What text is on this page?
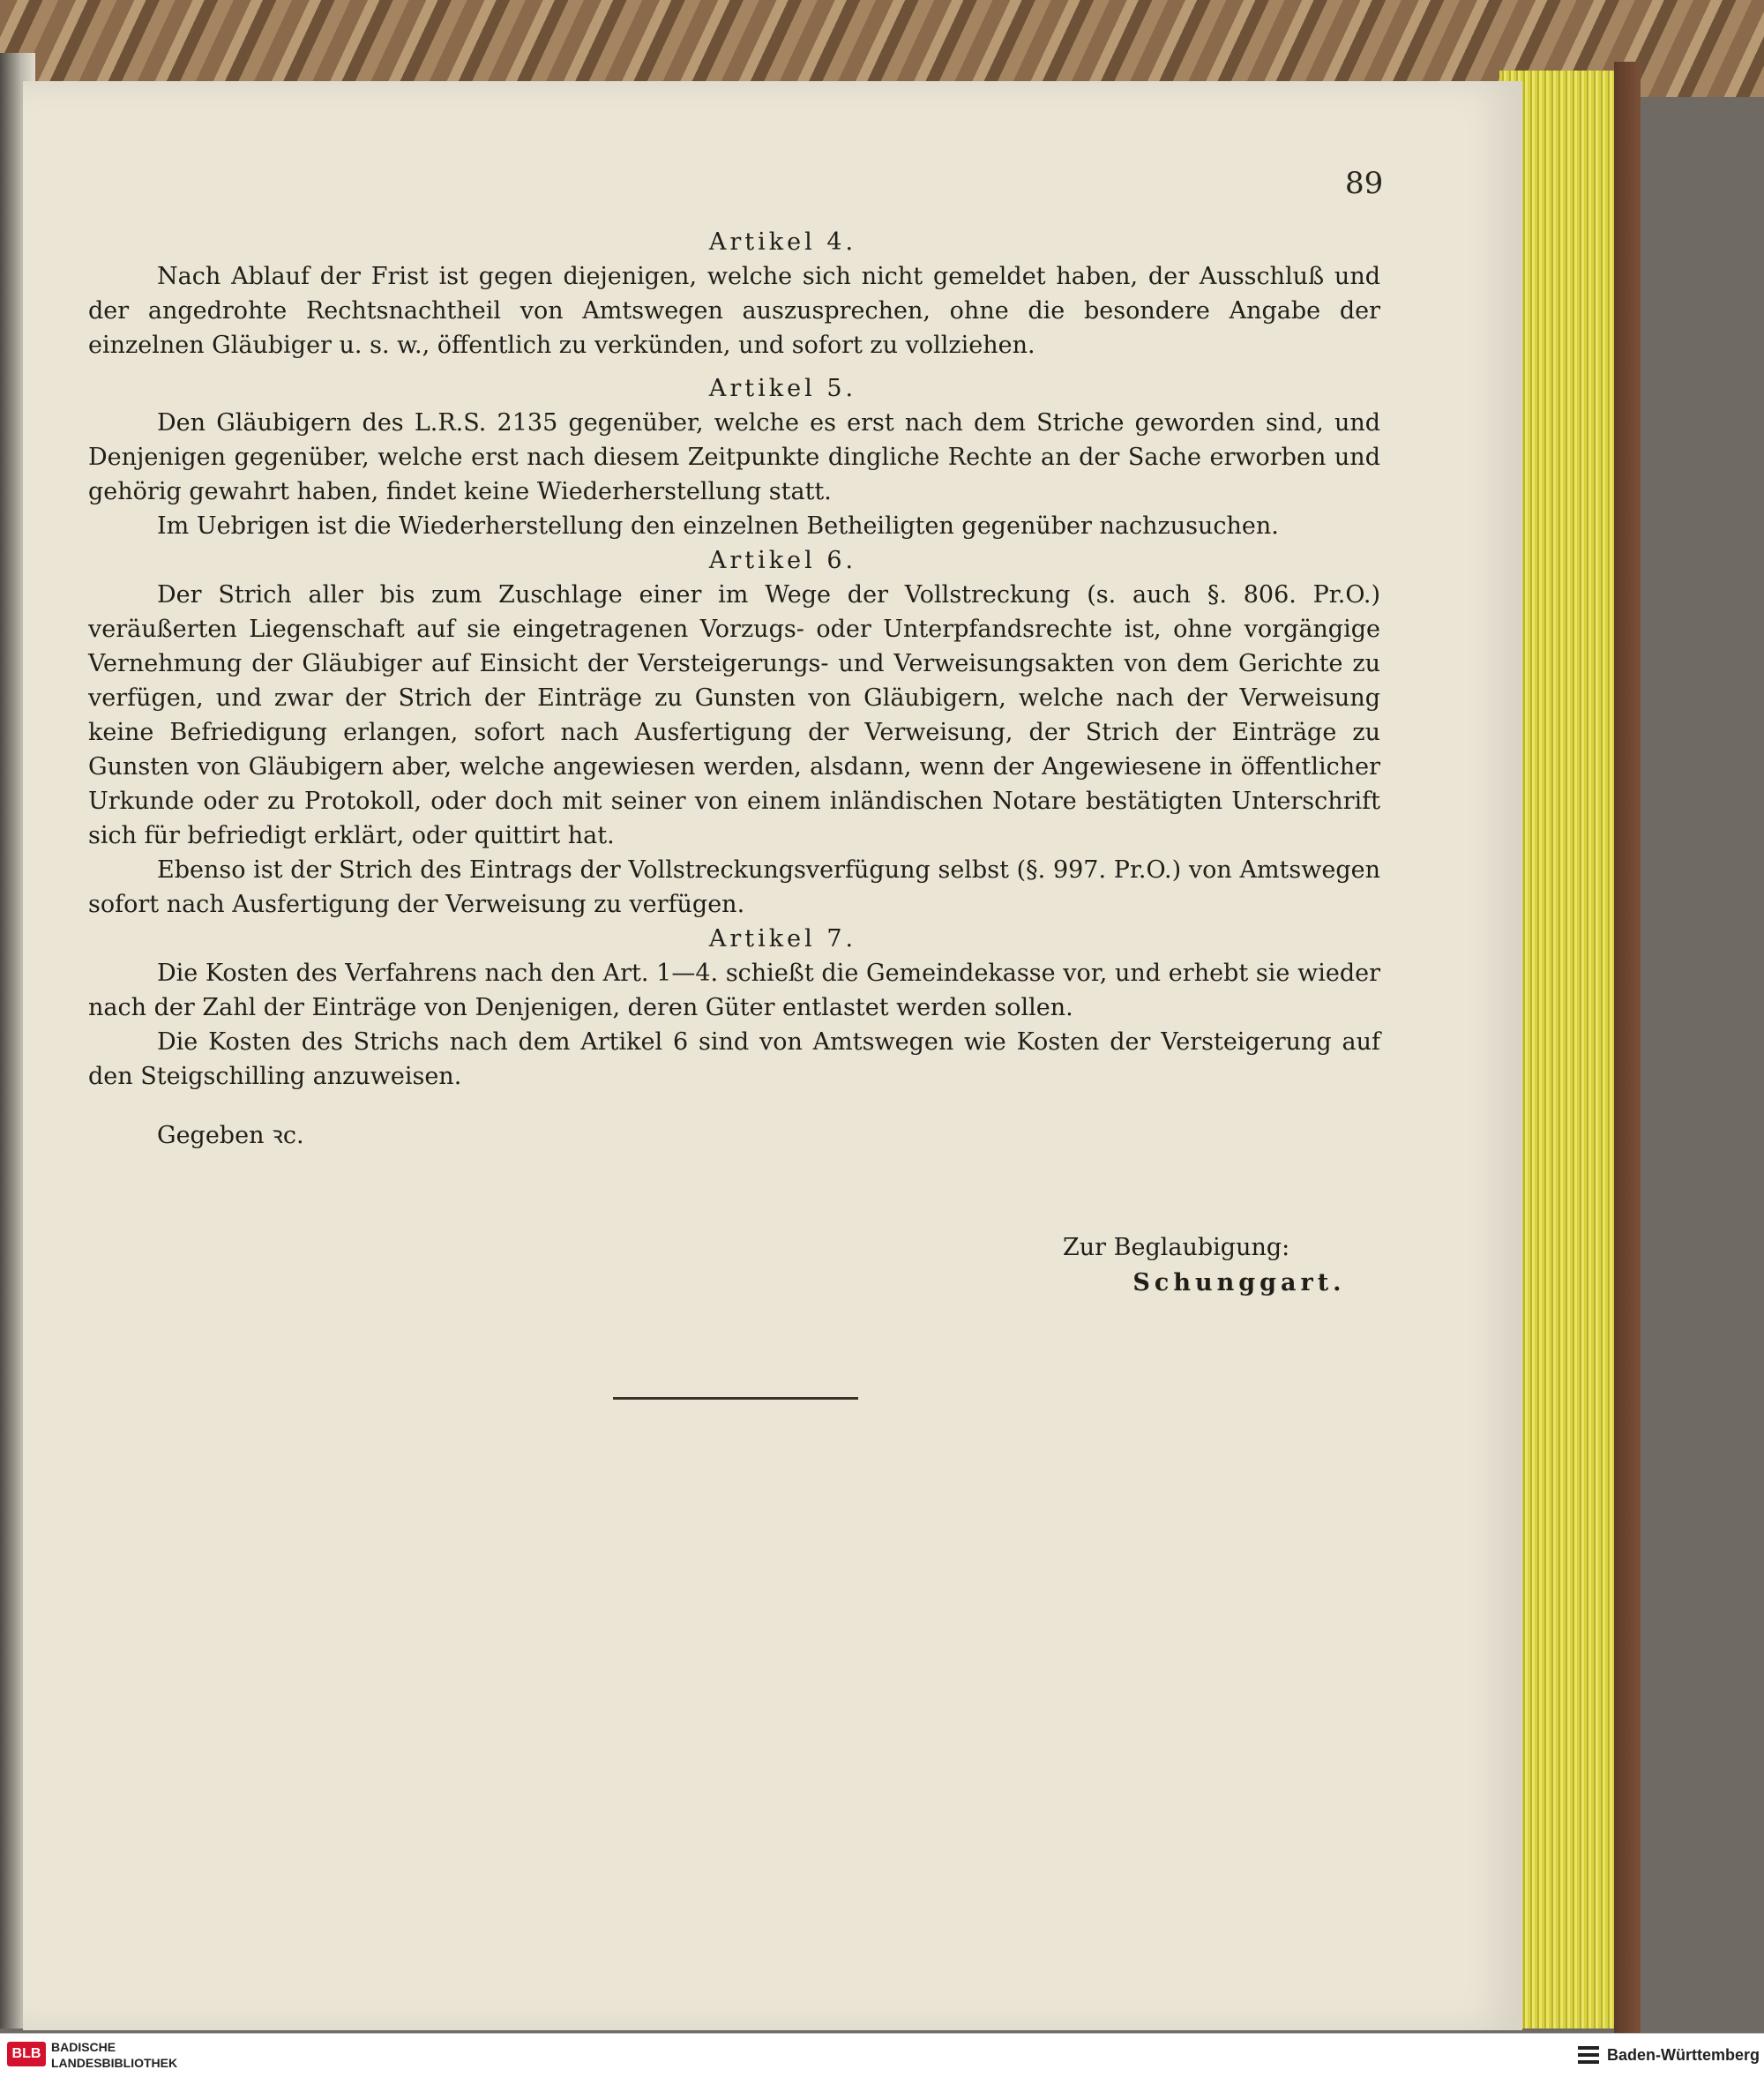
89

Artikel 4.

Nach Ablauf der Frist ist gegen diejenigen, welche sich nicht gemeldet haben, der Ausschluß und der angedrohte Rechtsnachtheil von Amtswegen auszusprechen, ohne die besondere Angabe der einzelnen Gläubiger u. s. w., öffentlich zu verkünden, und sofort zu vollziehen.

Artikel 5.

Den Gläubigern des L.R.S. 2135 gegenüber, welche es erst nach dem Striche geworden sind, und Denjenigen gegenüber, welche erst nach diesem Zeitpunkte dingliche Rechte an der Sache erworben und gehörig gewahrt haben, findet keine Wiederherstellung statt.

Im Uebrigen ist die Wiederherstellung den einzelnen Betheiligten gegenüber nachzusuchen.

Artikel 6.

Der Strich aller bis zum Zuschlage einer im Wege der Vollstreckung (s. auch §. 806. Pr.O.) veräußerten Liegenschaft auf sie eingetragenen Vorzugs- oder Unterpfandsrechte ist, ohne vorgängige Vernehmung der Gläubiger auf Einsicht der Versteigerungs- und Verweisungsakten von dem Gerichte zu verfügen, und zwar der Strich der Einträge zu Gunsten von Gläubigern, welche nach der Verweisung keine Befriedigung erlangen, sofort nach Ausfertigung der Verweisung, der Strich der Einträge zu Gunsten von Gläubigern aber, welche angewiesen werden, alsdann, wenn der Angewiesene in öffentlicher Urkunde oder zu Protokoll, oder doch mit seiner von einem inländischen Notare bestätigten Unterschrift sich für befriedigt erklärt, oder quittirt hat.

Ebenso ist der Strich des Eintrags der Vollstreckungsverfügung selbst (§. 997. Pr.O.) von Amtswegen sofort nach Ausfertigung der Verweisung zu verfügen.

Artikel 7.

Die Kosten des Verfahrens nach den Art. 1—4. schießt die Gemeindekasse vor, und erhebt sie wieder nach der Zahl der Einträge von Denjenigen, deren Güter entlastet werden sollen.

Die Kosten des Strichs nach dem Artikel 6 sind von Amtswegen wie Kosten der Versteigerung auf den Steigschilling anzuweisen.

Gegeben ꝛc.

Zur Beglaubigung:
Schunggart.
BLB BADISCHE
LANDESBIBLIOTHEK	Baden-Württemberg
